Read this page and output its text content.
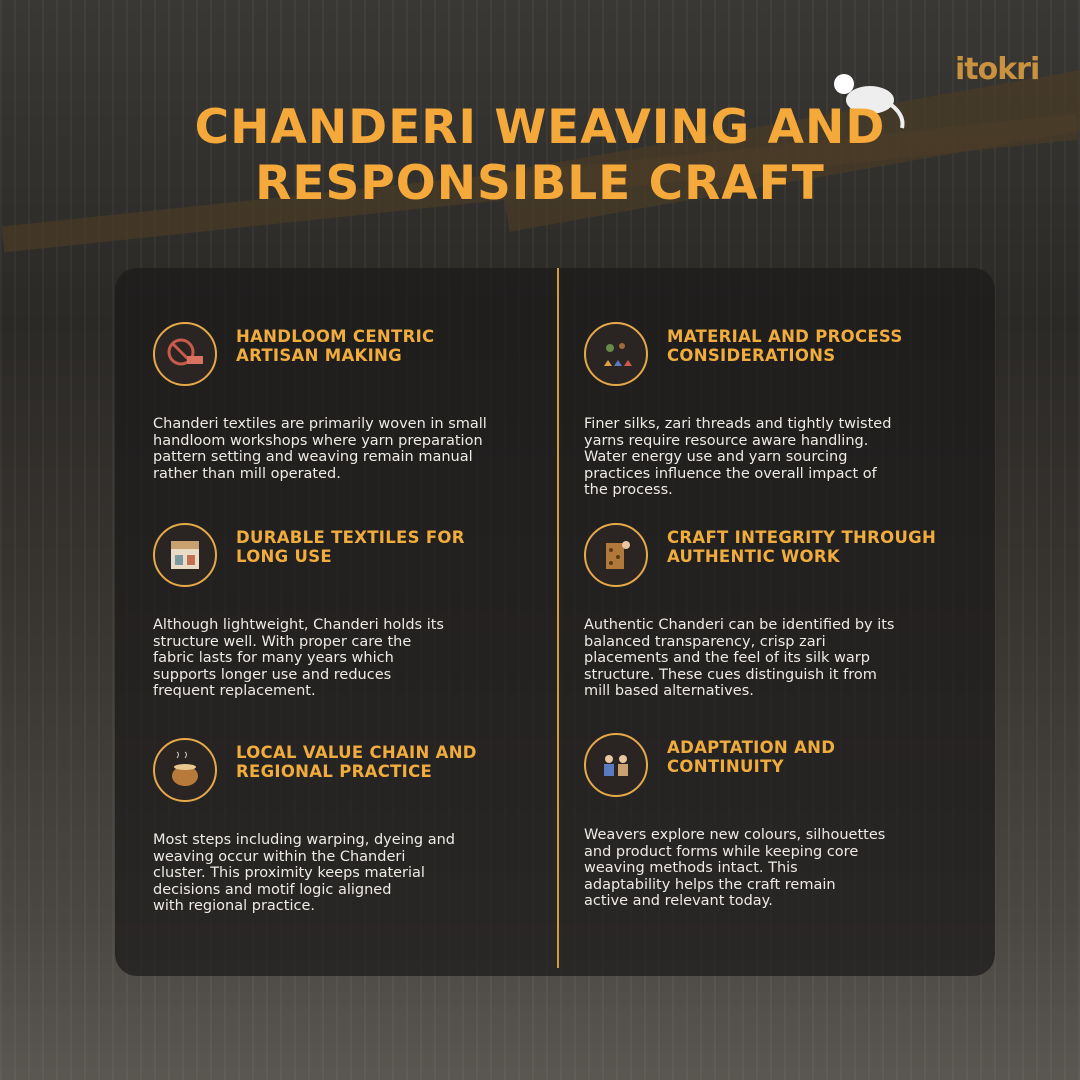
itokri
CHANDERI WEAVING AND
RESPONSIBLE CRAFT
HANDLOOM CENTRIC
ARTISAN MAKING
Chanderi textiles are primarily woven in small
handloom workshops where yarn preparation
pattern setting and weaving remain manual
rather than mill operated.
MATERIAL AND PROCESS
CONSIDERATIONS
Finer silks, zari threads and tightly twisted
yarns require resource aware handling.
Water energy use and yarn sourcing
practices influence the overall impact of
the process.
DURABLE TEXTILES FOR
LONG USE
Although lightweight, Chanderi holds its
structure well. With proper care the
fabric lasts for many years which
supports longer use and reduces
frequent replacement.
CRAFT INTEGRITY THROUGH
AUTHENTIC WORK
Authentic Chanderi can be identified by its
balanced transparency, crisp zari
placements and the feel of its silk warp
structure. These cues distinguish it from
mill based alternatives.
LOCAL VALUE CHAIN AND
REGIONAL PRACTICE
Most steps including warping, dyeing and
weaving occur within the Chanderi
cluster. This proximity keeps material
decisions and motif logic aligned
with regional practice.
ADAPTATION AND
CONTINUITY
Weavers explore new colours, silhouettes
and product forms while keeping core
weaving methods intact. This
adaptability helps the craft remain
active and relevant today.
